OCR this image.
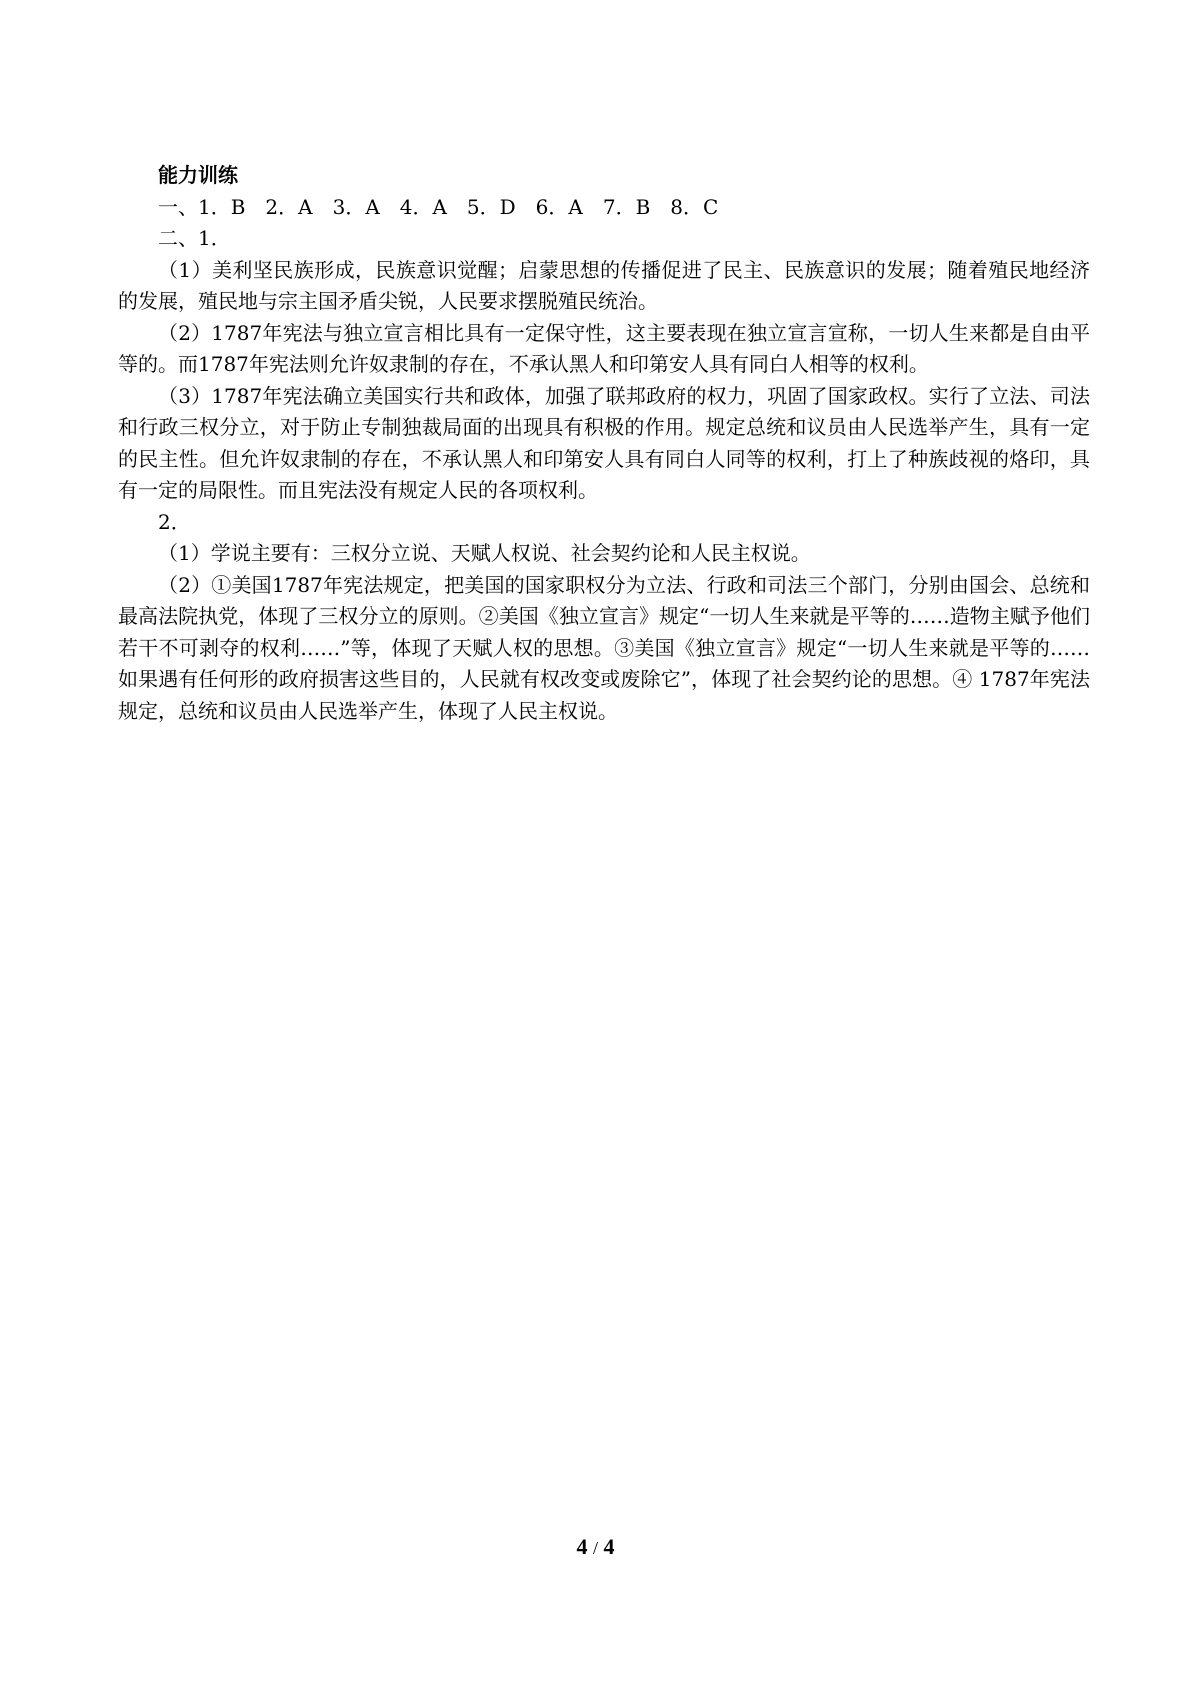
能力训练

一、1．B　2．A　3．A　4．A　5．D　6．A　7．B　8．C

二、1．

（1）美利坚民族形成，民族意识觉醒；启蒙思想的传播促进了民主、民族意识的发展；随着殖民地经济的发展，殖民地与宗主国矛盾尖锐，人民要求摆脱殖民统治。

（2）1787年宪法与独立宣言相比具有一定保守性，这主要表现在独立宣言宣称，一切人生来都是自由平等的。而1787年宪法则允许奴隶制的存在，不承认黑人和印第安人具有同白人相等的权利。

（3）1787年宪法确立美国实行共和政体，加强了联邦政府的权力，巩固了国家政权。实行了立法、司法和行政三权分立，对于防止专制独裁局面的出现具有积极的作用。规定总统和议员由人民选举产生，具有一定的民主性。但允许奴隶制的存在，不承认黑人和印第安人具有同白人同等的权利，打上了种族歧视的烙印，具有一定的局限性。而且宪法没有规定人民的各项权利。

2．

（1）学说主要有：三权分立说、天赋人权说、社会契约论和人民主权说。

（2）①美国1787年宪法规定，把美国的国家职权分为立法、行政和司法三个部门，分别由国会、总统和最高法院执党，体现了三权分立的原则。②美国《独立宣言》规定“一切人生来就是平等的……造物主赋予他们若干不可剥夺的权利……”等，体现了天赋人权的思想。③美国《独立宣言》规定“一切人生来就是平等的……如果遇有任何形的政府损害这些目的，人民就有权改变或废除它”，体现了社会契约论的思想。④ 1787年宪法规定，总统和议员由人民选举产生，体现了人民主权说。

4 / 4
